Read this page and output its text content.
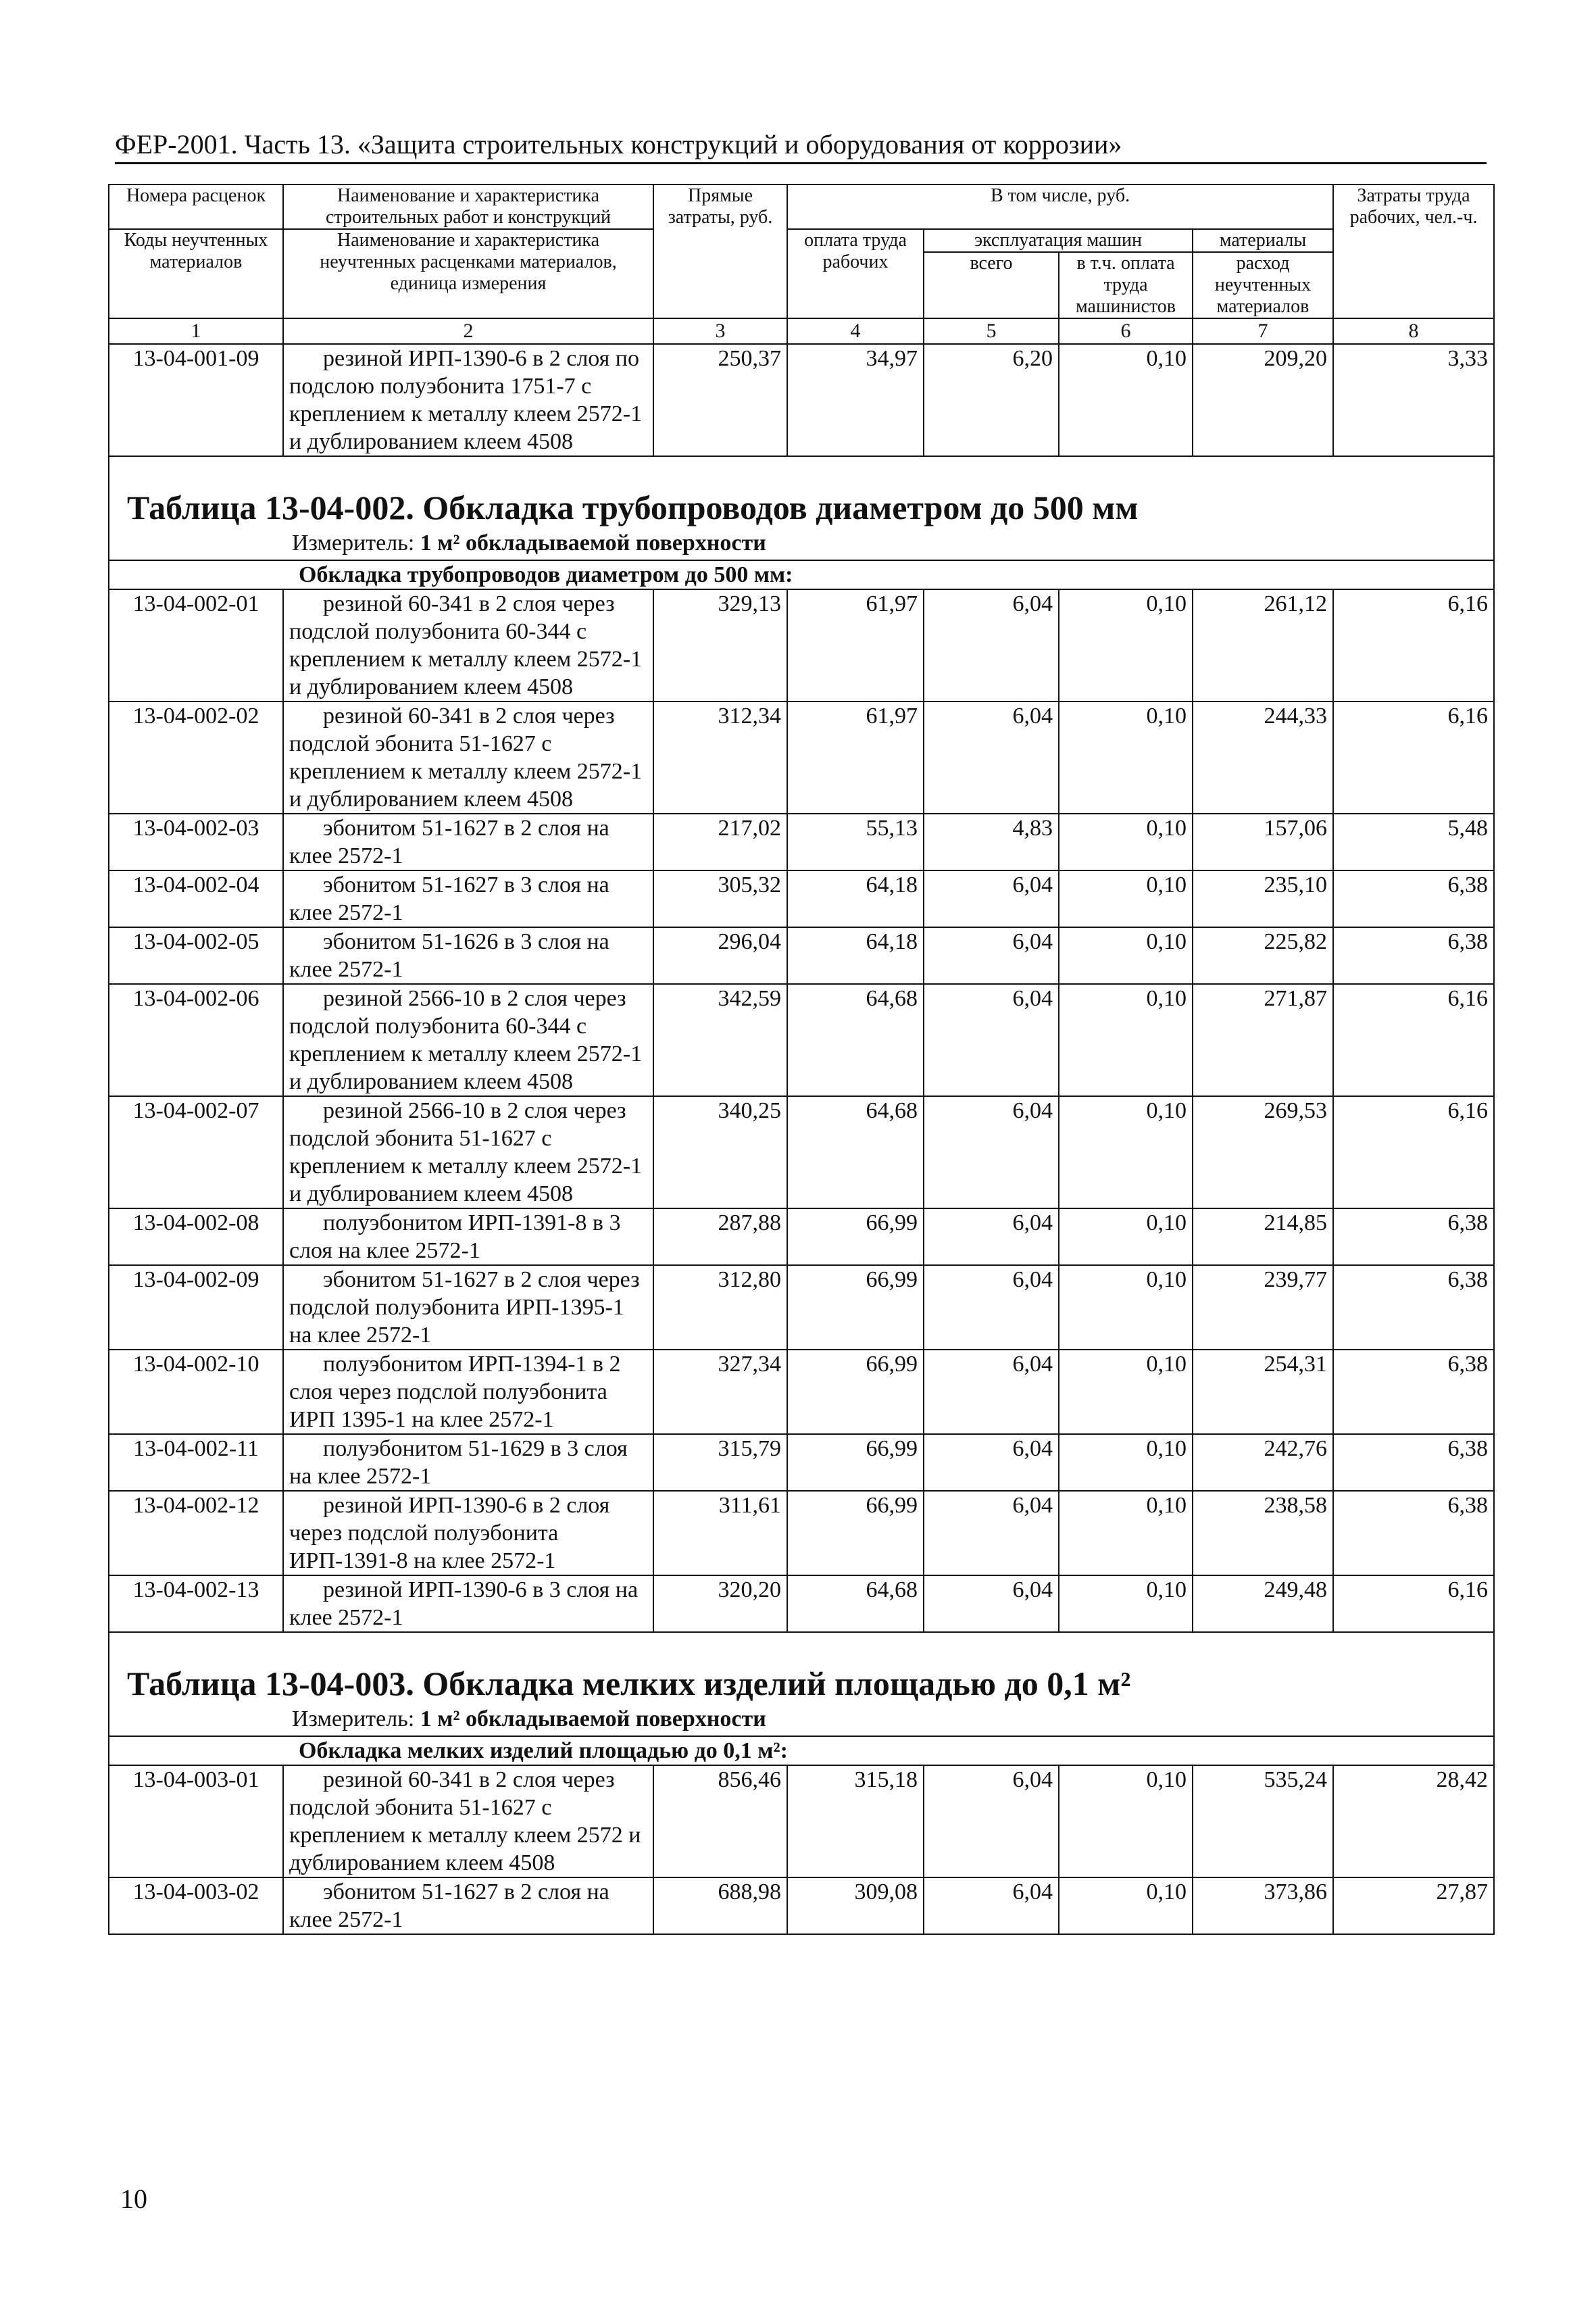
ФЕР-2001. Часть 13. «Защита строительных конструкций и оборудования от коррозии»
Номера расценок	Наименование и характеристика строительных работ и конструкций	Прямые затраты, руб.	В том числе, руб.				Затраты труда рабочих, чел.-ч.
Коды неучтенных материалов	Наименование и характеристика неучтенных расценками материалов, единица измерения		оплата труда рабочих	эксплуатация машин		материалы	
				всего	в т.ч. оплата труда машинистов	расход неучтенных материалов	
1	2	3	4	5	6	7	8
13-04-001-09	резиной ИРП-1390-6 в 2 слоя по подслою полуэбонита 1751-7 с креплением к металлу клеем 2572-1 и дублированием клеем 4508	250,37	34,97	6,20	0,10	209,20	3,33

Таблица 13-04-002. Обкладка трубопроводов диаметром до 500 мм
Измеритель: 1 м² обкладываемой поверхности							

Обкладка трубопроводов диаметром до 500 мм:							
13-04-002-01	резиной 60-341 в 2 слоя через подслой полуэбонита 60-344 с креплением к металлу клеем 2572-1 и дублированием клеем 4508	329,13	61,97	6,04	0,10	261,12	6,16
13-04-002-02	резиной 60-341 в 2 слоя через подслой эбонита 51-1627 с креплением к металлу клеем 2572-1 и дублированием клеем 4508	312,34	61,97	6,04	0,10	244,33	6,16
13-04-002-03	эбонитом 51-1627 в 2 слоя на клее 2572-1	217,02	55,13	4,83	0,10	157,06	5,48
13-04-002-04	эбонитом 51-1627 в 3 слоя на клее 2572-1	305,32	64,18	6,04	0,10	235,10	6,38
13-04-002-05	эбонитом 51-1626 в 3 слоя на клее 2572-1	296,04	64,18	6,04	0,10	225,82	6,38
13-04-002-06	резиной 2566-10 в 2 слоя через подслой полуэбонита 60-344 с креплением к металлу клеем 2572-1 и дублированием клеем 4508	342,59	64,68	6,04	0,10	271,87	6,16
13-04-002-07	резиной 2566-10 в 2 слоя через подслой эбонита 51-1627 с креплением к металлу клеем 2572-1 и дублированием клеем 4508	340,25	64,68	6,04	0,10	269,53	6,16
13-04-002-08	полуэбонитом ИРП-1391-8 в 3 слоя на клее 2572-1	287,88	66,99	6,04	0,10	214,85	6,38
13-04-002-09	эбонитом 51-1627 в 2 слоя через подслой полуэбонита ИРП-1395-1 на клее 2572-1	312,80	66,99	6,04	0,10	239,77	6,38
13-04-002-10	полуэбонитом ИРП-1394-1 в 2 слоя через подслой полуэбонита ИРП 1395-1 на клее 2572-1	327,34	66,99	6,04	0,10	254,31	6,38
13-04-002-11	полуэбонитом 51-1629 в 3 слоя на клее 2572-1	315,79	66,99	6,04	0,10	242,76	6,38
13-04-002-12	резиной ИРП-1390-6 в 2 слоя через подслой полуэбонита ИРП-1391-8 на клее 2572-1	311,61	66,99	6,04	0,10	238,58	6,38
13-04-002-13	резиной ИРП-1390-6 в 3 слоя на клее 2572-1	320,20	64,68	6,04	0,10	249,48	6,16

Таблица 13-04-003. Обкладка мелких изделий площадью до 0,1 м²
Измеритель: 1 м² обкладываемой поверхности							

Обкладка мелких изделий площадью до 0,1 м²:							
13-04-003-01	резиной 60-341 в 2 слоя через подслой эбонита 51-1627 с креплением к металлу клеем 2572 и дублированием клеем 4508	856,46	315,18	6,04	0,10	535,24	28,42
13-04-003-02	эбонитом 51-1627 в 2 слоя на клее 2572-1	688,98	309,08	6,04	0,10	373,86	27,87
10
